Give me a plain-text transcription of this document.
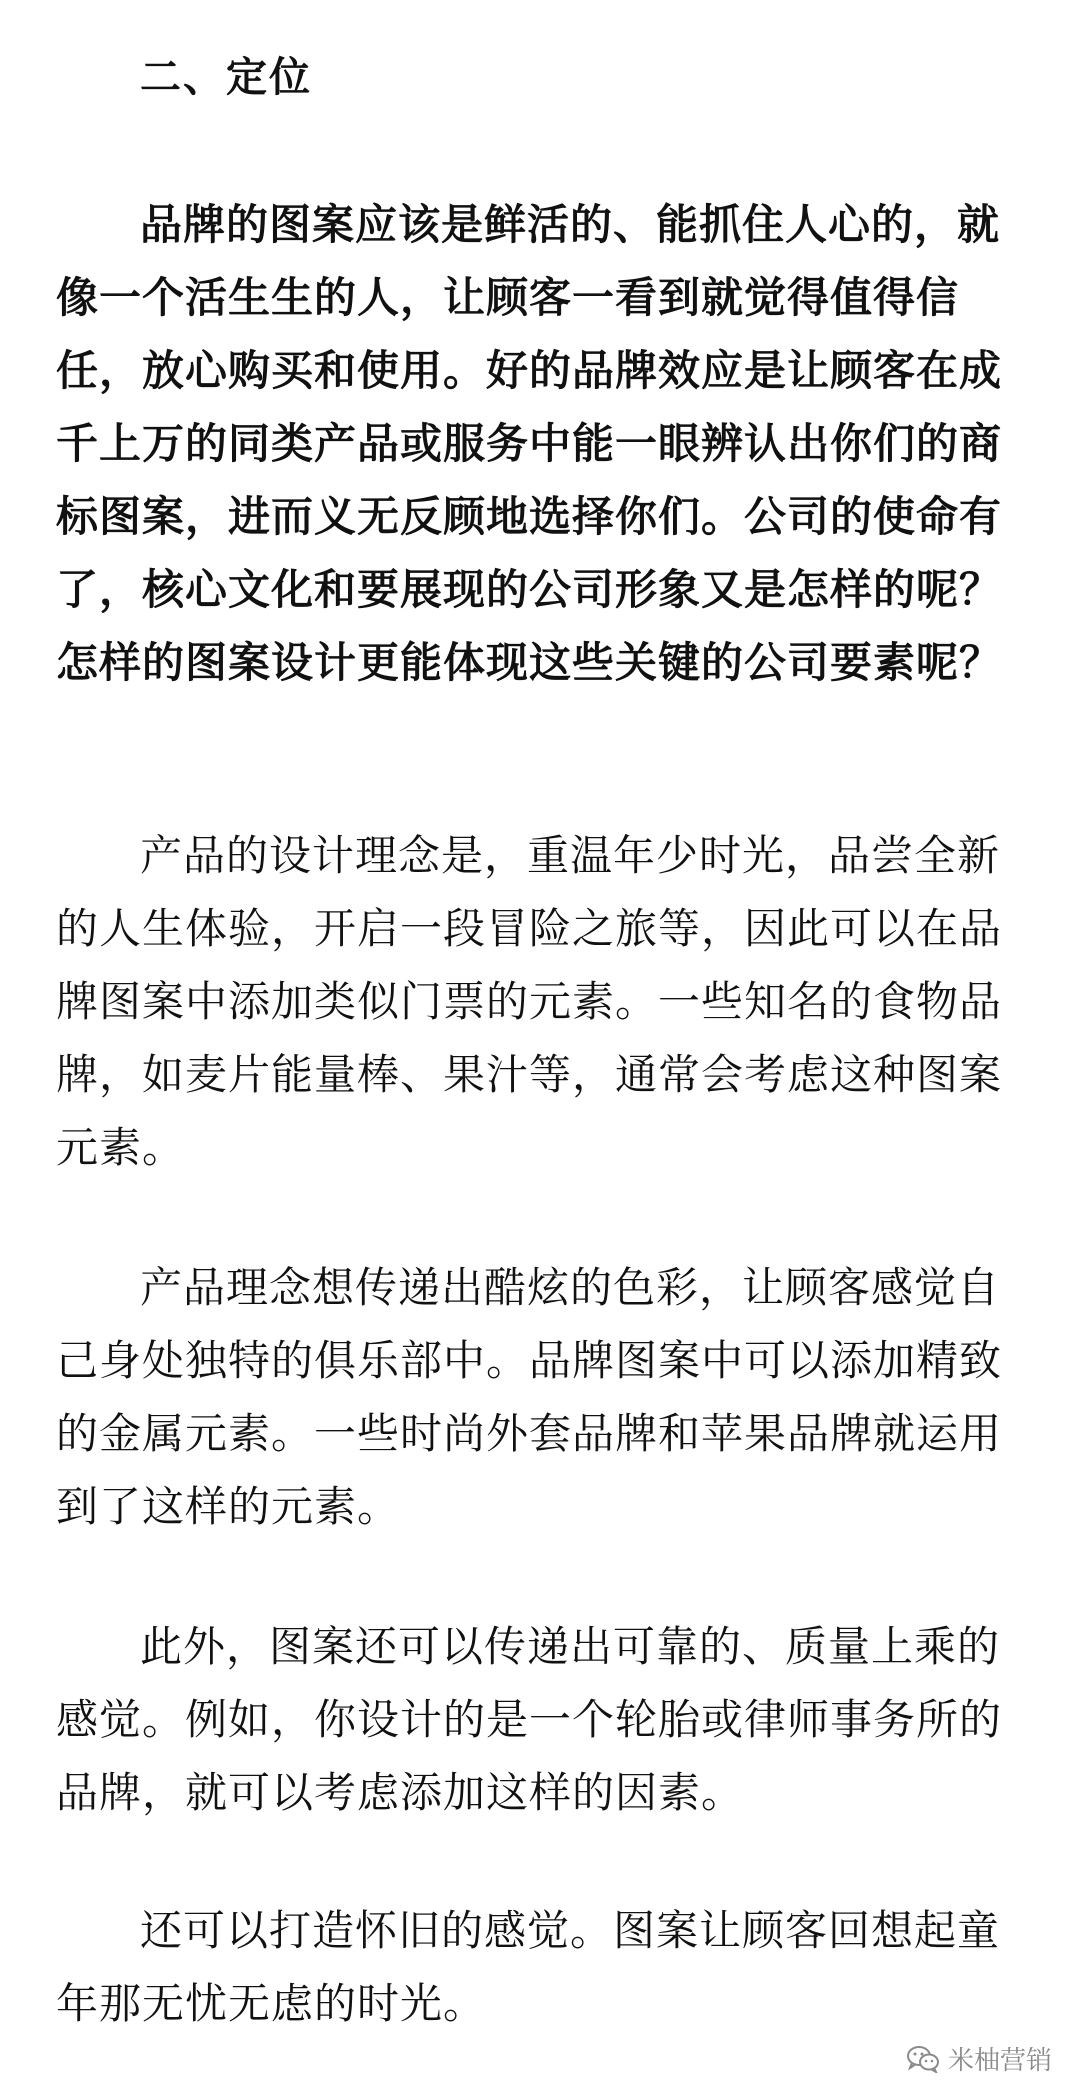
二、定位

品牌的图案应该是鲜活的、能抓住人心的，就像一个活生生的人，让顾客一看到就觉得值得信任，放心购买和使用。好的品牌效应是让顾客在成千上万的同类产品或服务中能一眼辨认出你们的商标图案，进而义无反顾地选择你们。公司的使命有了，核心文化和要展现的公司形象又是怎样的呢？怎样的图案设计更能体现这些关键的公司要素呢？

产品的设计理念是，重温年少时光，品尝全新的人生体验，开启一段冒险之旅等，因此可以在品牌图案中添加类似门票的元素。一些知名的食物品牌，如麦片能量棒、果汁等，通常会考虑这种图案元素。

产品理念想传递出酷炫的色彩，让顾客感觉自己身处独特的俱乐部中。品牌图案中可以添加精致的金属元素。一些时尚外套品牌和苹果品牌就运用到了这样的元素。

此外，图案还可以传递出可靠的、质量上乘的感觉。例如，你设计的是一个轮胎或律师事务所的品牌，就可以考虑添加这样的因素。

还可以打造怀旧的感觉。图案让顾客回想起童年那无忧无虑的时光。

米柚营销
